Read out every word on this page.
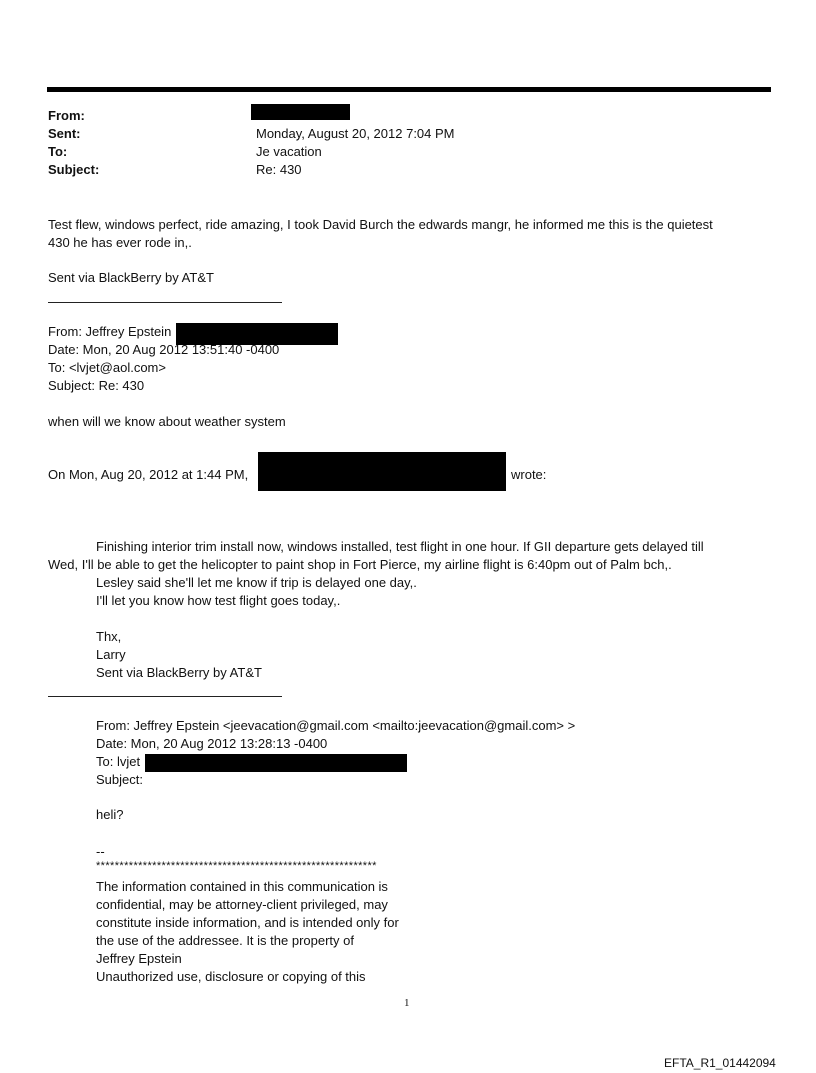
From:
Sent:
To:
Subject:
Monday, August 20, 2012 7:04 PM
Je vacation
Re: 430
Test flew, windows perfect, ride amazing, I took David Burch the edwards mangr, he informed me this is the quietest
430 he has ever rode in,.
Sent via BlackBerry by AT&T
From: Jeffrey Epstein
Date: Mon, 20 Aug 2012 13:51:40 -0400
To: <lvjet@aol.com>
Subject: Re: 430
when will we know about weather system
On Mon, Aug 20, 2012 at 1:44 PM,	wrote:
Finishing interior trim install now, windows installed, test flight in one hour. If GII departure gets delayed till
Wed, I'll be able to get the helicopter to paint shop in Fort Pierce, my airline flight is 6:40pm out of Palm bch,.
Lesley said she'll let me know if trip is delayed one day,.
I'll let you know how test flight goes today,.
Thx,
Larry
Sent via BlackBerry by AT&T
From: Jeffrey Epstein <jeevacation@gmail.com <mailto:jeevacation@gmail.com> >
Date: Mon, 20 Aug 2012 13:28:13 -0400
To: lvjet
Subject:
heli?
--
************************************************************
The information contained in this communication is
confidential, may be attorney-client privileged, may
constitute inside information, and is intended only for
the use of the addressee. It is the property of
Jeffrey Epstein
Unauthorized use, disclosure or copying of this
1
EFTA_R1_01442094
